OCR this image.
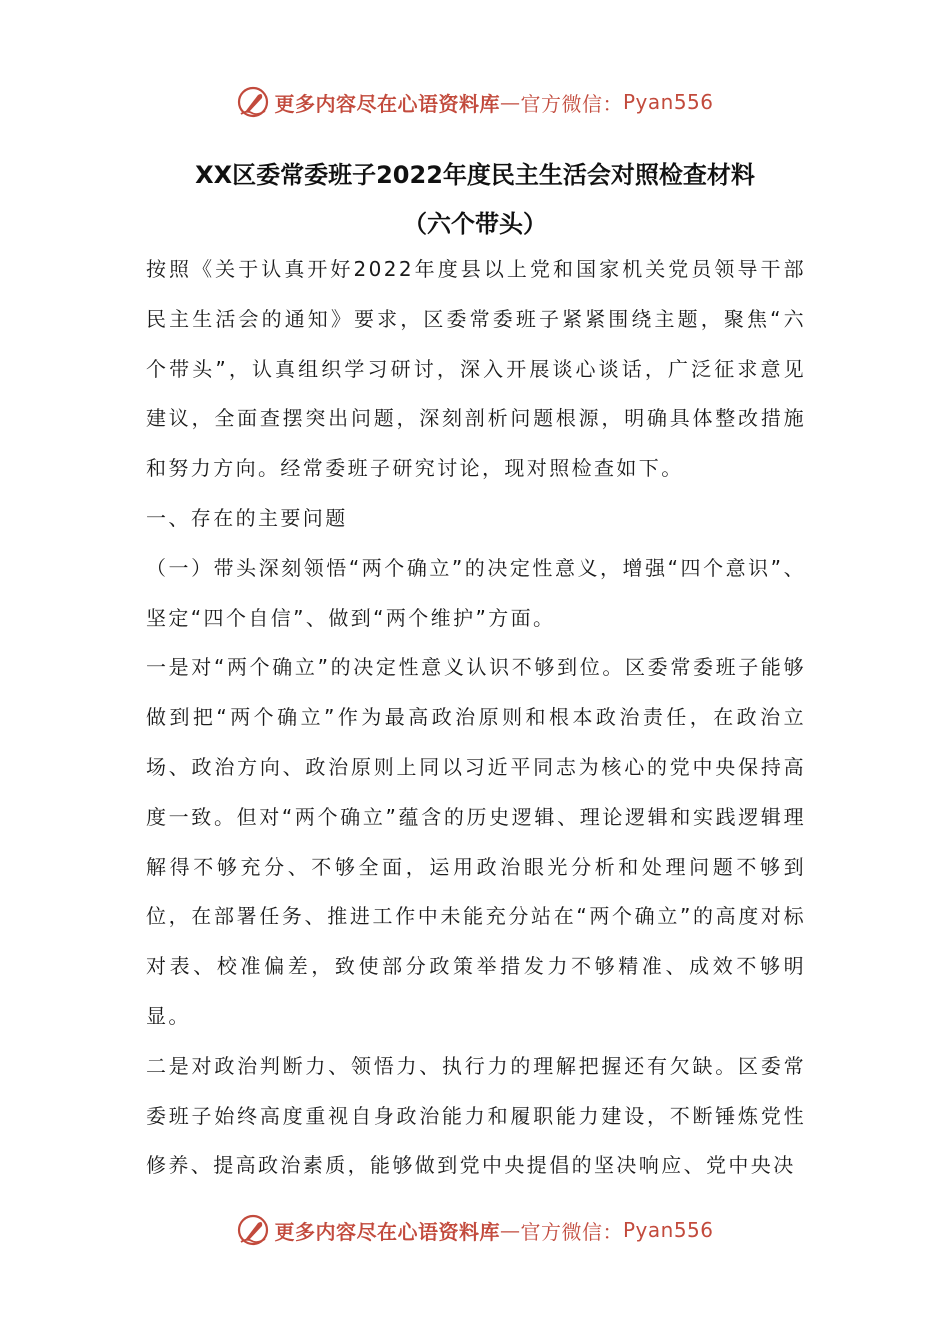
更多内容尽在心语资料库 — 官方微信： Pyan556
XX区委常委班子2022年度民主生活会对照检查材料
（六个带头）

按照《关于认真开好2022年度县以上党和国家机关党员领导干部民主生活会的通知》要求，区委常委班子紧紧围绕主题，聚焦“六个带头”，认真组织学习研讨，深入开展谈心谈话，广泛征求意见建议，全面查摆突出问题，深刻剖析问题根源，明确具体整改措施和努力方向。经常委班子研究讨论，现对照检查如下。

一、存在的主要问题

（一）带头深刻领悟“两个确立”的决定性意义，增强“四个意识”、坚定“四个自信”、做到“两个维护”方面。

一是对“两个确立”的决定性意义认识不够到位。区委常委班子能够做到把“两个确立”作为最高政治原则和根本政治责任，在政治立场、政治方向、政治原则上同以习近平同志为核心的党中央保持高度一致。但对“两个确立”蕴含的历史逻辑、理论逻辑和实践逻辑理解得不够充分、不够全面，运用政治眼光分析和处理问题不够到位，在部署任务、推进工作中未能充分站在“两个确立”的高度对标对表、校准偏差，致使部分政策举措发力不够精准、成效不够明显。

二是对政治判断力、领悟力、执行力的理解把握还有欠缺。区委常委班子始终高度重视自身政治能力和履职能力建设，不断锤炼党性修养、提高政治素质，能够做到党中央提倡的坚决响应、党中央决

更多内容尽在心语资料库 — 官方微信： Pyan556
